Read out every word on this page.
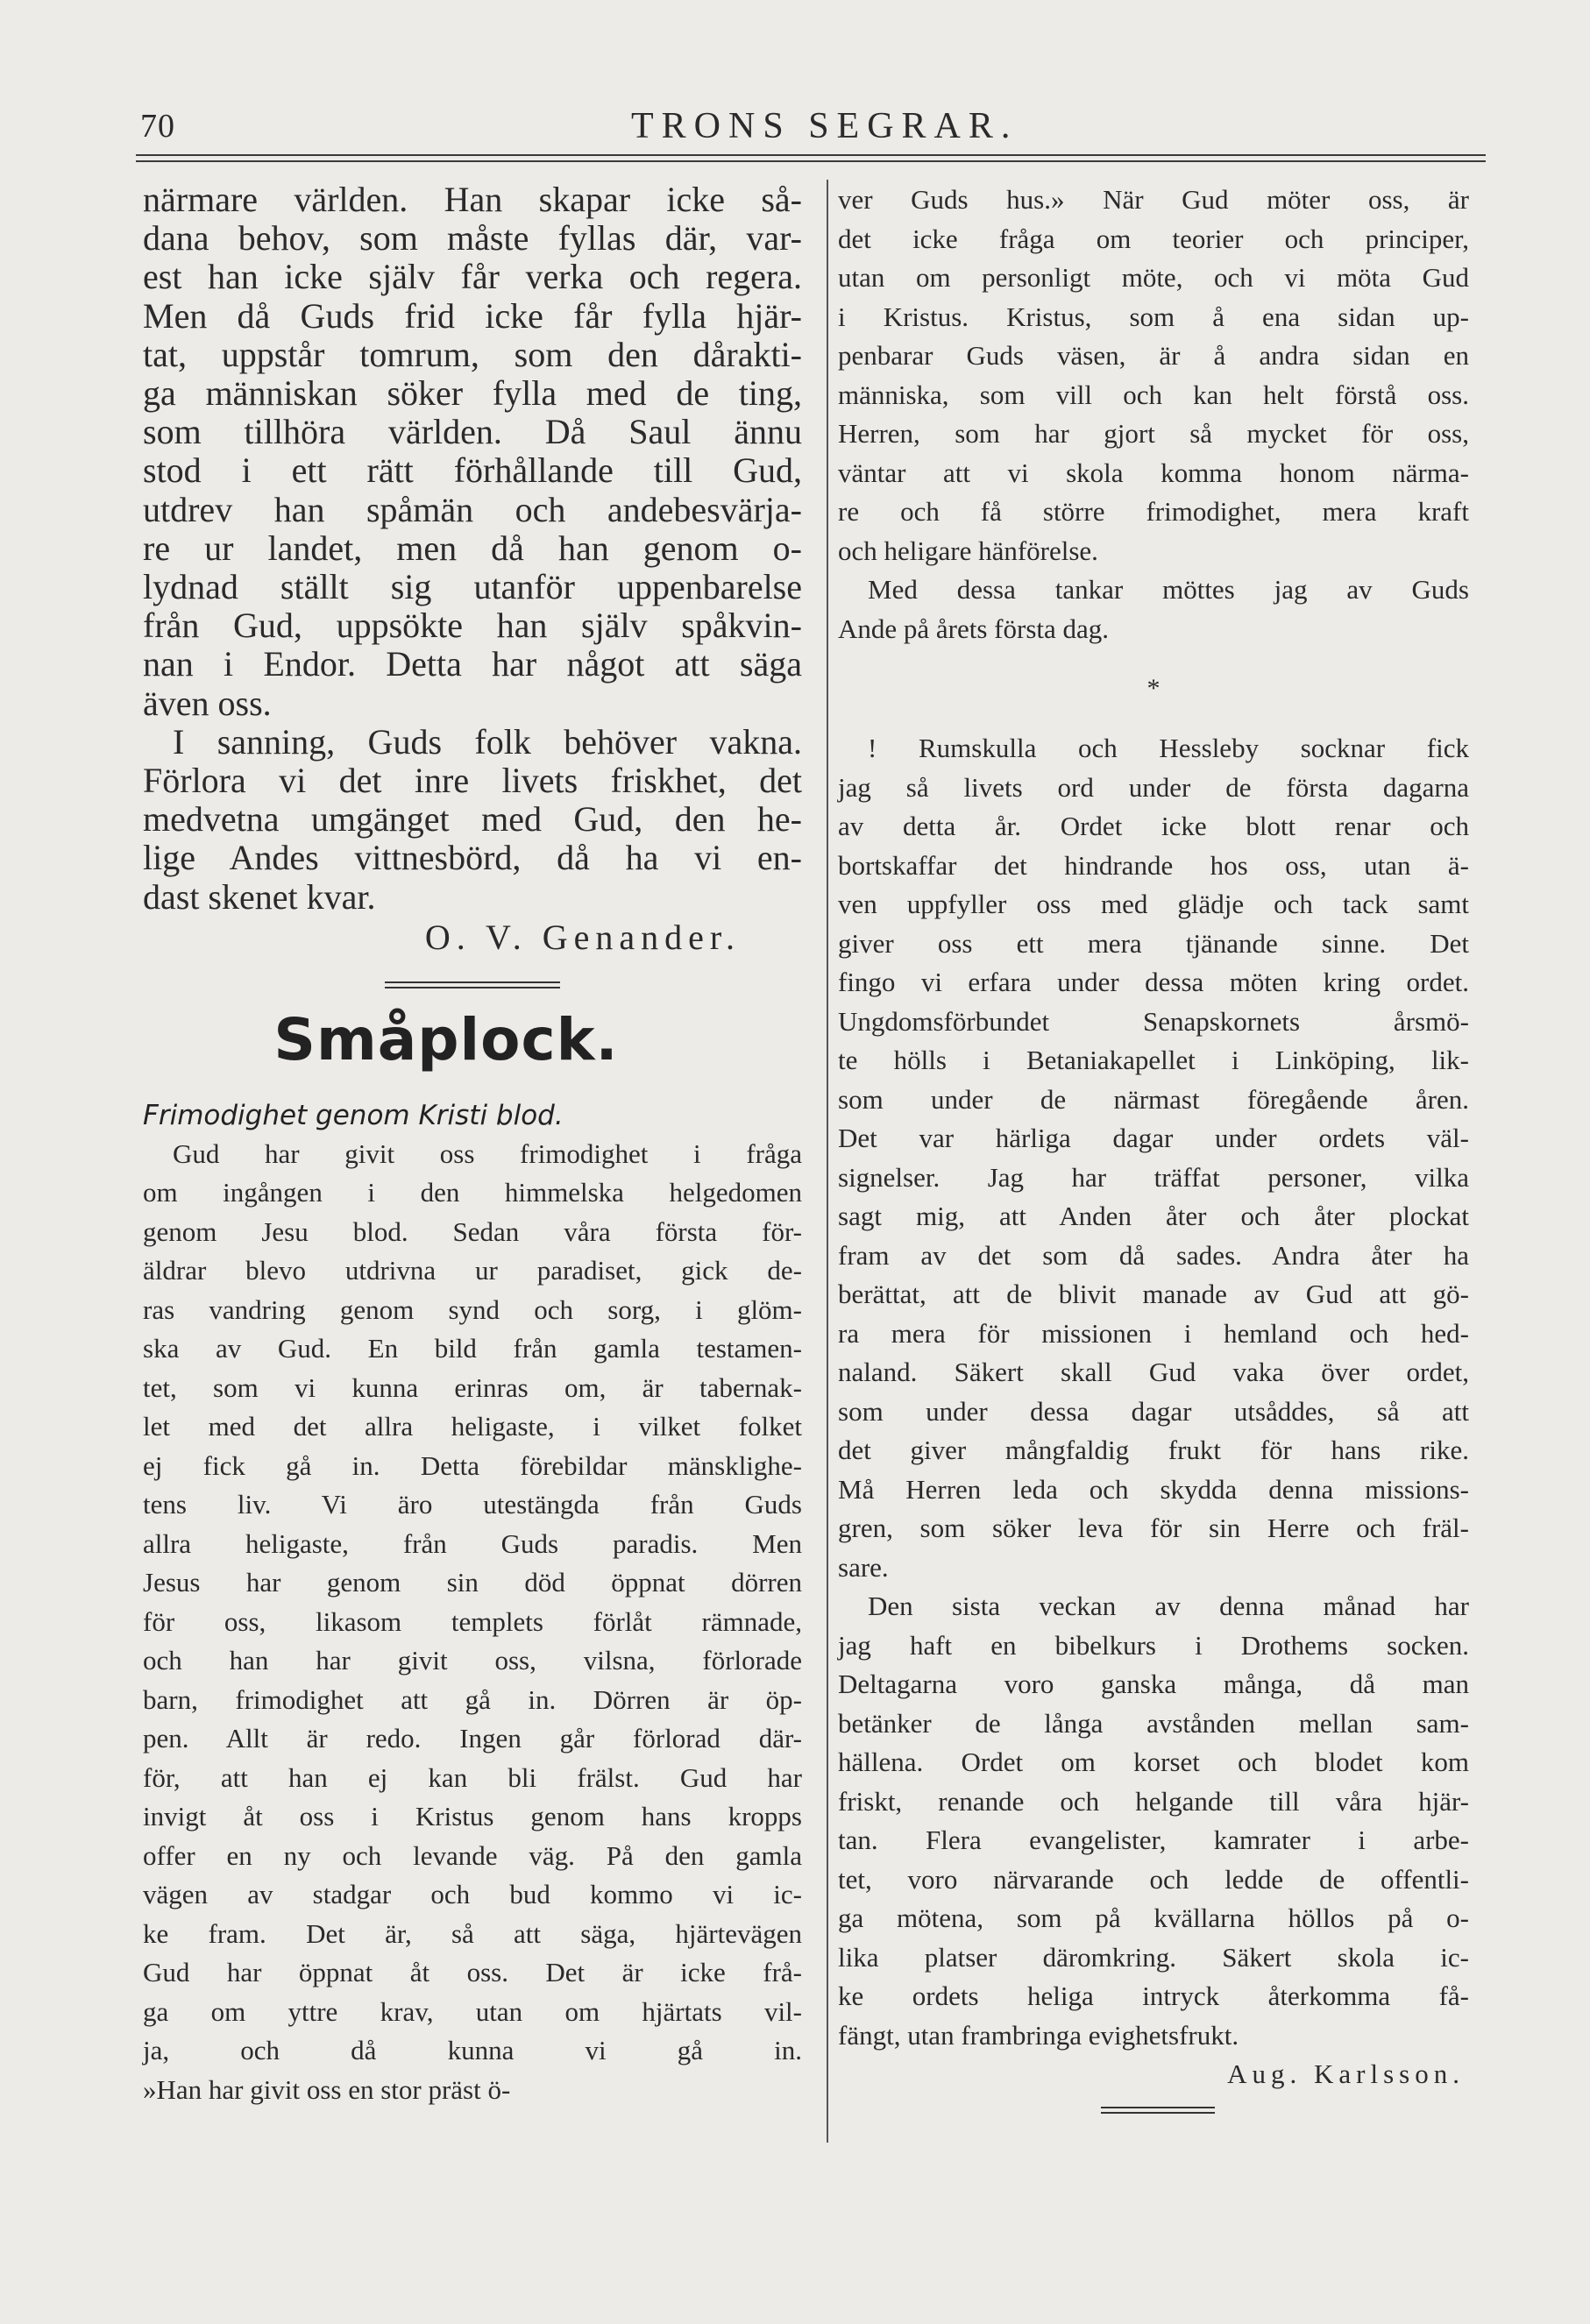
70	TRONS SEGRAR.
närmare världen. Han skapar icke så-
dana behov, som måste fyllas där, var-
est han icke själv får verka och regera.
Men då Guds frid icke får fylla hjär-
tat, uppstår tomrum, som den dårakti-
ga människan söker fylla med de ting,
som tillhöra världen. Då Saul ännu
stod i ett rätt förhållande till Gud,
utdrev han spåmän och andebesvärja-
re ur landet, men då han genom o-
lydnad ställt sig utanför uppenbarelse
från Gud, uppsökte han själv spåkvin-
nan i Endor. Detta har något att säga
även oss.
I sanning, Guds folk behöver vakna.
Förlora vi det inre livets friskhet, det
medvetna umgänget med Gud, den he-
lige Andes vittnesbörd, då ha vi en-
dast skenet kvar.
O. V. Genander.
Småplock.
Frimodighet genom Kristi blod.
Gud har givit oss frimodighet i fråga
om ingången i den himmelska helgedomen
genom Jesu blod. Sedan våra första för-
äldrar blevo utdrivna ur paradiset, gick de-
ras vandring genom synd och sorg, i glöm-
ska av Gud. En bild från gamla testamen-
tet, som vi kunna erinras om, är tabernak-
let med det allra heligaste, i vilket folket
ej fick gå in. Detta förebildar mänsklighe-
tens liv. Vi äro utestängda från Guds
allra heligaste, från Guds paradis. Men
Jesus har genom sin död öppnat dörren
för oss, likasom templets förlåt rämnade,
och han har givit oss, vilsna, förlorade
barn, frimodighet att gå in. Dörren är öp-
pen. Allt är redo. Ingen går förlorad där-
för, att han ej kan bli frälst. Gud har
invigt åt oss i Kristus genom hans kropps
offer en ny och levande väg. På den gamla
vägen av stadgar och bud kommo vi ic-
ke fram. Det är, så att säga, hjärtevägen
Gud har öppnat åt oss. Det är icke frå-
ga om yttre krav, utan om hjärtats vil-
ja, och då kunna vi gå in.
»Han har givit oss en stor präst ö-
ver Guds hus.» När Gud möter oss, är
det icke fråga om teorier och principer,
utan om personligt möte, och vi möta Gud
i Kristus. Kristus, som å ena sidan up-
penbarar Guds väsen, är å andra sidan en
människa, som vill och kan helt förstå oss.
Herren, som har gjort så mycket för oss,
väntar att vi skola komma honom närma-
re och få större frimodighet, mera kraft
och heligare hänförelse.
Med dessa tankar möttes jag av Guds
Ande på årets första dag.
*
! Rumskulla och Hessleby socknar fick
jag så livets ord under de första dagarna
av detta år. Ordet icke blott renar och
bortskaffar det hindrande hos oss, utan ä-
ven uppfyller oss med glädje och tack samt
giver oss ett mera tjänande sinne. Det
fingo vi erfara under dessa möten kring ordet.
Ungdomsförbundet Senapskornets årsmö-
te hölls i Betaniakapellet i Linköping, lik-
som under de närmast föregående åren.
Det var härliga dagar under ordets väl-
signelser. Jag har träffat personer, vilka
sagt mig, att Anden åter och åter plockat
fram av det som då sades. Andra åter ha
berättat, att de blivit manade av Gud att gö-
ra mera för missionen i hemland och hed-
naland. Säkert skall Gud vaka över ordet,
som under dessa dagar utsåddes, så att
det giver mångfaldig frukt för hans rike.
Må Herren leda och skydda denna missions-
gren, som söker leva för sin Herre och fräl-
sare.
Den sista veckan av denna månad har
jag haft en bibelkurs i Drothems socken.
Deltagarna voro ganska många, då man
betänker de långa avstånden mellan sam-
hällena. Ordet om korset och blodet kom
friskt, renande och helgande till våra hjär-
tan. Flera evangelister, kamrater i arbe-
tet, voro närvarande och ledde de offentli-
ga mötena, som på kvällarna höllos på o-
lika platser däromkring. Säkert skola ic-
ke ordets heliga intryck återkomma få-
fängt, utan frambringa evighetsfrukt.
Aug. Karlsson.
